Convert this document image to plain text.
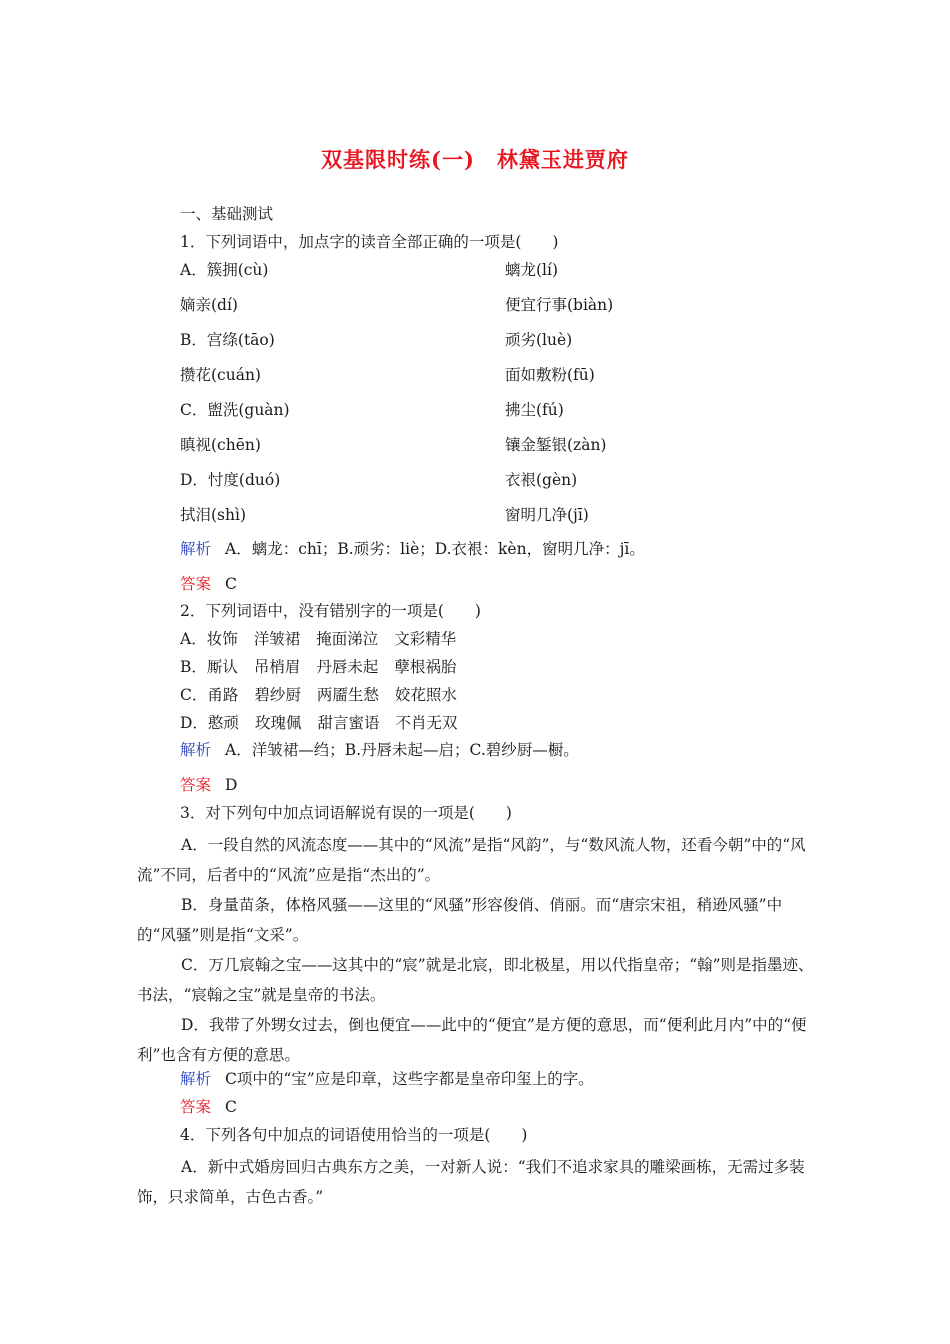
双基限时练(一)　林黛玉进贾府
一、基础测试
1．下列词语中，加点字的读音全部正确的一项是(　　)
A．簇拥(cù)	螭龙(lí)
嫡亲(dí)	便宜行事(biàn)
B．宫绦(tāo)	顽劣(luè)
攒花(cuán)	面如敷粉(fū)
C．盥洗(guàn)	拂尘(fú)
瞋视(chēn)	镶金錾银(zàn)
D．忖度(duó)	衣裉(gèn)
拭泪(shì)	窗明几净(jī)
解析 A．螭龙：chī；B.顽劣：liè；D.衣裉：kèn，窗明几净：jī。
答案 C
2．下列词语中，没有错别字的一项是(　　)
A．妆饰 洋皱裙 掩面涕泣 文彩精华
B．厮认 吊梢眉 丹唇未起 孽根祸胎
C．甬路 碧纱厨 两靥生愁 姣花照水
D．憨顽 玫瑰佩 甜言蜜语 不肖无双
解析 A．洋皱裙—绉；B.丹唇未起—启；C.碧纱厨—橱。
答案 D
3．对下列句中加点词语解说有误的一项是(　　)
A．一段自然的风流态度——其中的“风流”是指“风韵”，与“数风流人物，还看今朝”中的“风流”不同，后者中的“风流”应是指“杰出的”。
B．身量苗条，体格风骚——这里的“风骚”形容俊俏、俏丽。而“唐宗宋祖，稍逊风骚”中的“风骚”则是指“文采”。
C．万几宸翰之宝——这其中的“宸”就是北宸，即北极星，用以代指皇帝；“翰”则是指墨迹、书法，“宸翰之宝”就是皇帝的书法。
D．我带了外甥女过去，倒也便宜——此中的“便宜”是方便的意思，而“便利此月内”中的“便利”也含有方便的意思。
解析 C项中的“宝”应是印章，这些字都是皇帝印玺上的字。
答案 C
4．下列各句中加点的词语使用恰当的一项是(　　)
A．新中式婚房回归古典东方之美，一对新人说：“我们不追求家具的雕梁画栋，无需过多装饰，只求简单，古色古香。”
